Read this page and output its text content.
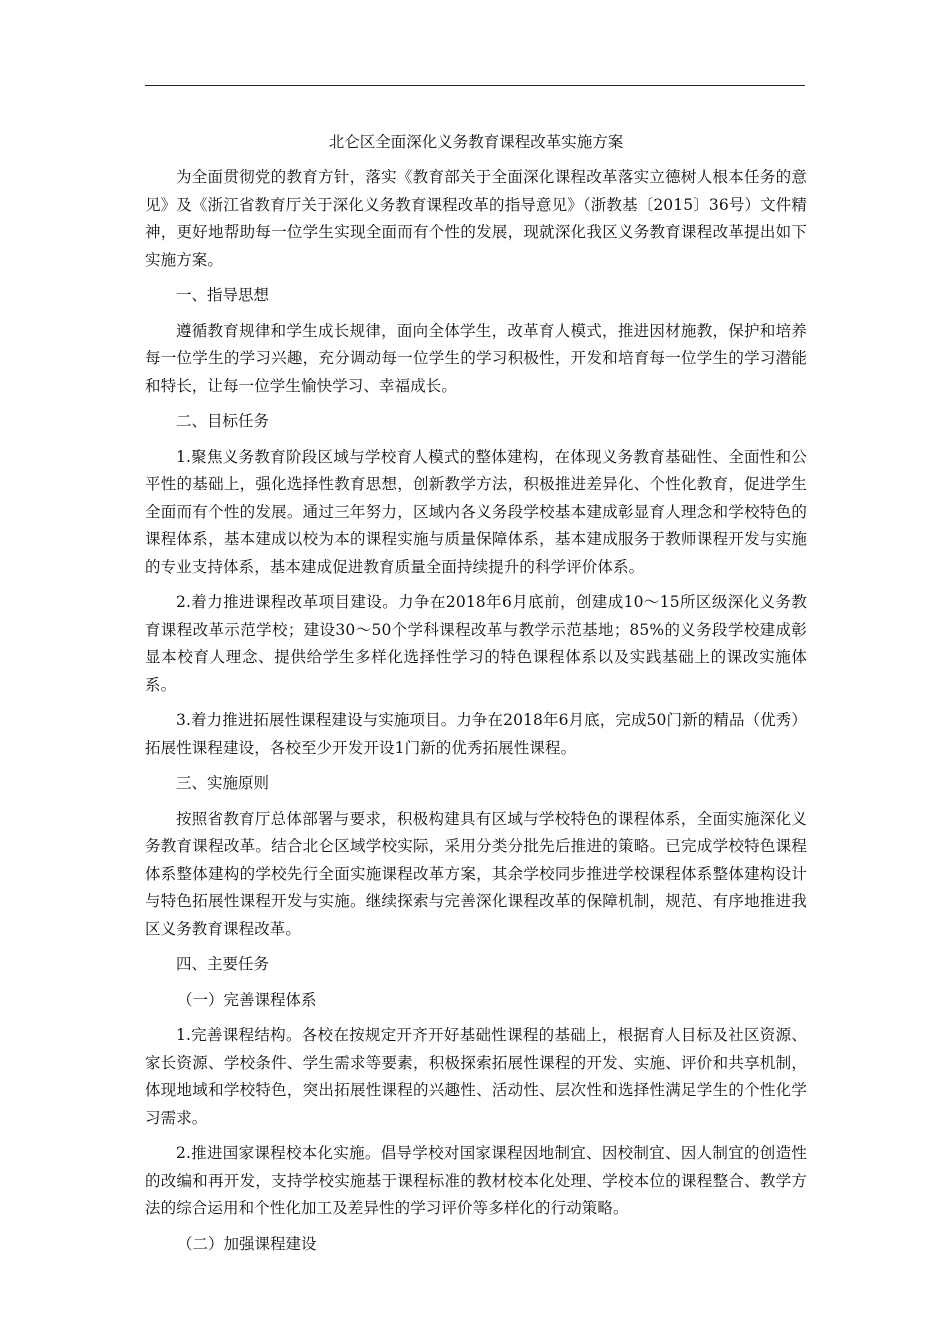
北仑区全面深化义务教育课程改革实施方案

为全面贯彻党的教育方针，落实《教育部关于全面深化课程改革落实立德树人根本任务的意见》及《浙江省教育厅关于深化义务教育课程改革的指导意见》（浙教基〔2015〕36号）文件精神，更好地帮助每一位学生实现全面而有个性的发展，现就深化我区义务教育课程改革提出如下实施方案。

一、指导思想

遵循教育规律和学生成长规律，面向全体学生，改革育人模式，推进因材施教，保护和培养每一位学生的学习兴趣，充分调动每一位学生的学习积极性，开发和培育每一位学生的学习潜能和特长，让每一位学生愉快学习、幸福成长。

二、目标任务

1.聚焦义务教育阶段区域与学校育人模式的整体建构，在体现义务教育基础性、全面性和公平性的基础上，强化选择性教育思想，创新教学方法，积极推进差异化、个性化教育，促进学生全面而有个性的发展。通过三年努力，区域内各义务段学校基本建成彰显育人理念和学校特色的课程体系，基本建成以校为本的课程实施与质量保障体系，基本建成服务于教师课程开发与实施的专业支持体系，基本建成促进教育质量全面持续提升的科学评价体系。

2.着力推进课程改革项目建设。力争在2018年6月底前，创建成10～15所区级深化义务教育课程改革示范学校；建设30～50个学科课程改革与教学示范基地；85%的义务段学校建成彰显本校育人理念、提供给学生多样化选择性学习的特色课程体系以及实践基础上的课改实施体系。

3.着力推进拓展性课程建设与实施项目。力争在2018年6月底，完成50门新的精品（优秀）拓展性课程建设，各校至少开发开设1门新的优秀拓展性课程。

三、实施原则

按照省教育厅总体部署与要求，积极构建具有区域与学校特色的课程体系，全面实施深化义务教育课程改革。结合北仑区域学校实际，采用分类分批先后推进的策略。已完成学校特色课程体系整体建构的学校先行全面实施课程改革方案，其余学校同步推进学校课程体系整体建构设计与特色拓展性课程开发与实施。继续探索与完善深化课程改革的保障机制，规范、有序地推进我区义务教育课程改革。

四、主要任务

（一）完善课程体系

1.完善课程结构。各校在按规定开齐开好基础性课程的基础上，根据育人目标及社区资源、家长资源、学校条件、学生需求等要素，积极探索拓展性课程的开发、实施、评价和共享机制，体现地域和学校特色，突出拓展性课程的兴趣性、活动性、层次性和选择性满足学生的个性化学习需求。

2.推进国家课程校本化实施。倡导学校对国家课程因地制宜、因校制宜、因人制宜的创造性的改编和再开发，支持学校实施基于课程标准的教材校本化处理、学校本位的课程整合、教学方法的综合运用和个性化加工及差异性的学习评价等多样化的行动策略。

（二）加强课程建设
